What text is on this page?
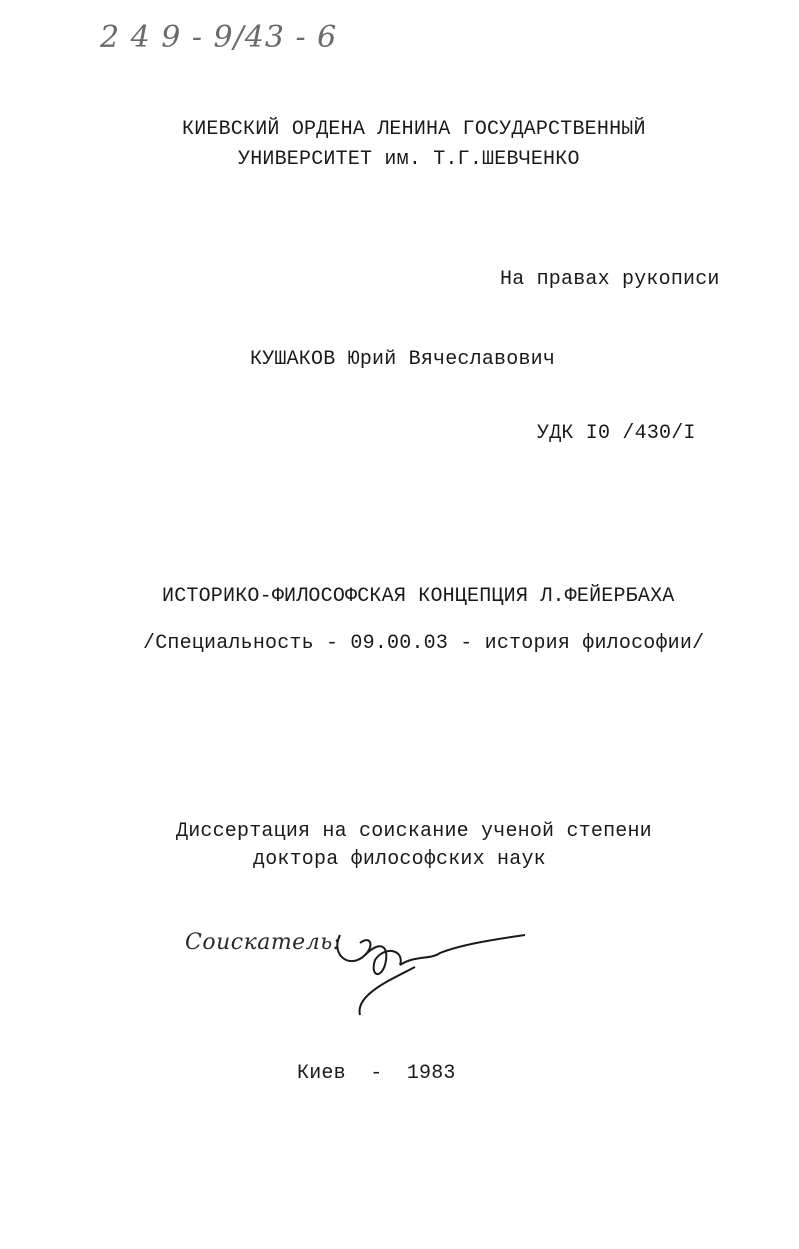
2 4 9 - 9/43 - 6
КИЕВСКИЙ ОРДЕНА ЛЕНИНА ГОСУДАРСТВЕННЫЙ
УНИВЕРСИТЕТ им. Т.Г.ШЕВЧЕНКО
На правах рукописи
КУШАКОВ Юрий Вячеславович
УДК I0 /430/I
ИСТОРИКО-ФИЛОСОФСКАЯ КОНЦЕПЦИЯ Л.ФЕЙЕРБАХА
/Специальность - 09.00.03 - история философии/
Диссертация на соискание ученой степени
доктора философских наук
Соискатель:
Киев  -  1983
